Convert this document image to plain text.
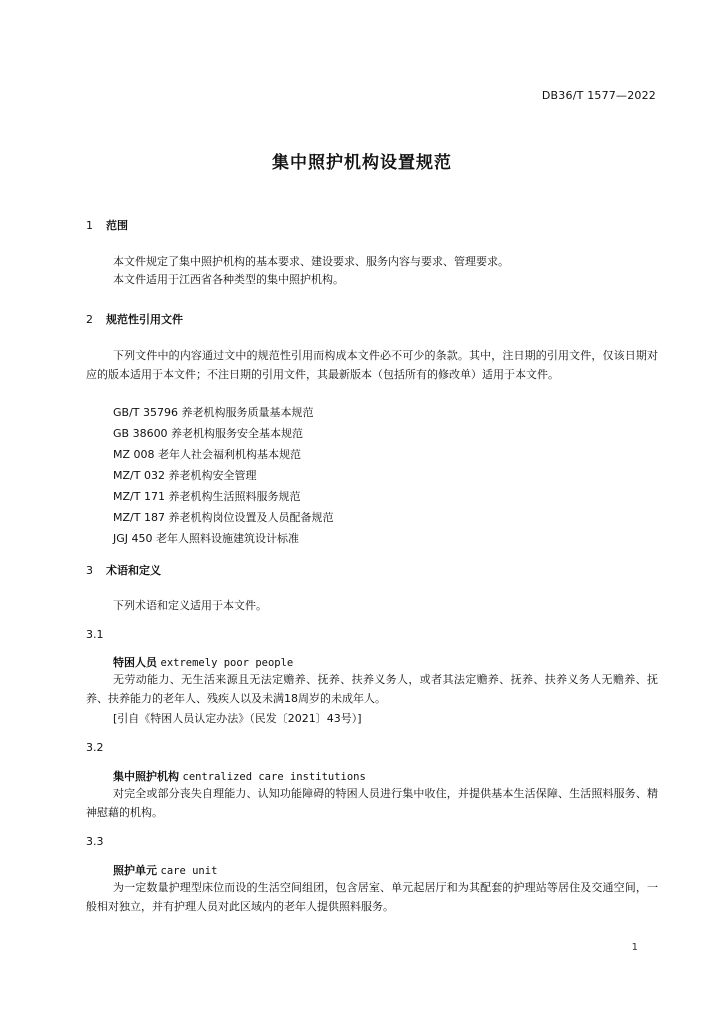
DB36/T 1577—2022
集中照护机构设置规范
1 范围
本文件规定了集中照护机构的基本要求、建设要求、服务内容与要求、管理要求。
本文件适用于江西省各种类型的集中照护机构。
2 规范性引用文件
下列文件中的内容通过文中的规范性引用而构成本文件必不可少的条款。其中，注日期的引用文件，仅该日期对应的版本适用于本文件；不注日期的引用文件，其最新版本（包括所有的修改单）适用于本文件。
GB/T 35796 养老机构服务质量基本规范
GB 38600 养老机构服务安全基本规范
MZ 008 老年人社会福利机构基本规范
MZ/T 032 养老机构安全管理
MZ/T 171 养老机构生活照料服务规范
MZ/T 187 养老机构岗位设置及人员配备规范
JGJ 450 老年人照料设施建筑设计标准
3 术语和定义
下列术语和定义适用于本文件。
3.1
特困人员 extremely poor people
无劳动能力、无生活来源且无法定赡养、抚养、扶养义务人，或者其法定赡养、抚养、扶养义务人无赡养、抚养、扶养能力的老年人、残疾人以及未满18周岁的未成年人。
[引自《特困人员认定办法》（民发〔2021〕43号）]
3.2
集中照护机构 centralized care institutions
对完全或部分丧失自理能力、认知功能障碍的特困人员进行集中收住，并提供基本生活保障、生活照料服务、精神慰藉的机构。
3.3
照护单元 care unit
为一定数量护理型床位而设的生活空间组团，包含居室、单元起居厅和为其配套的护理站等居住及交通空间，一般相对独立，并有护理人员对此区域内的老年人提供照料服务。
1
